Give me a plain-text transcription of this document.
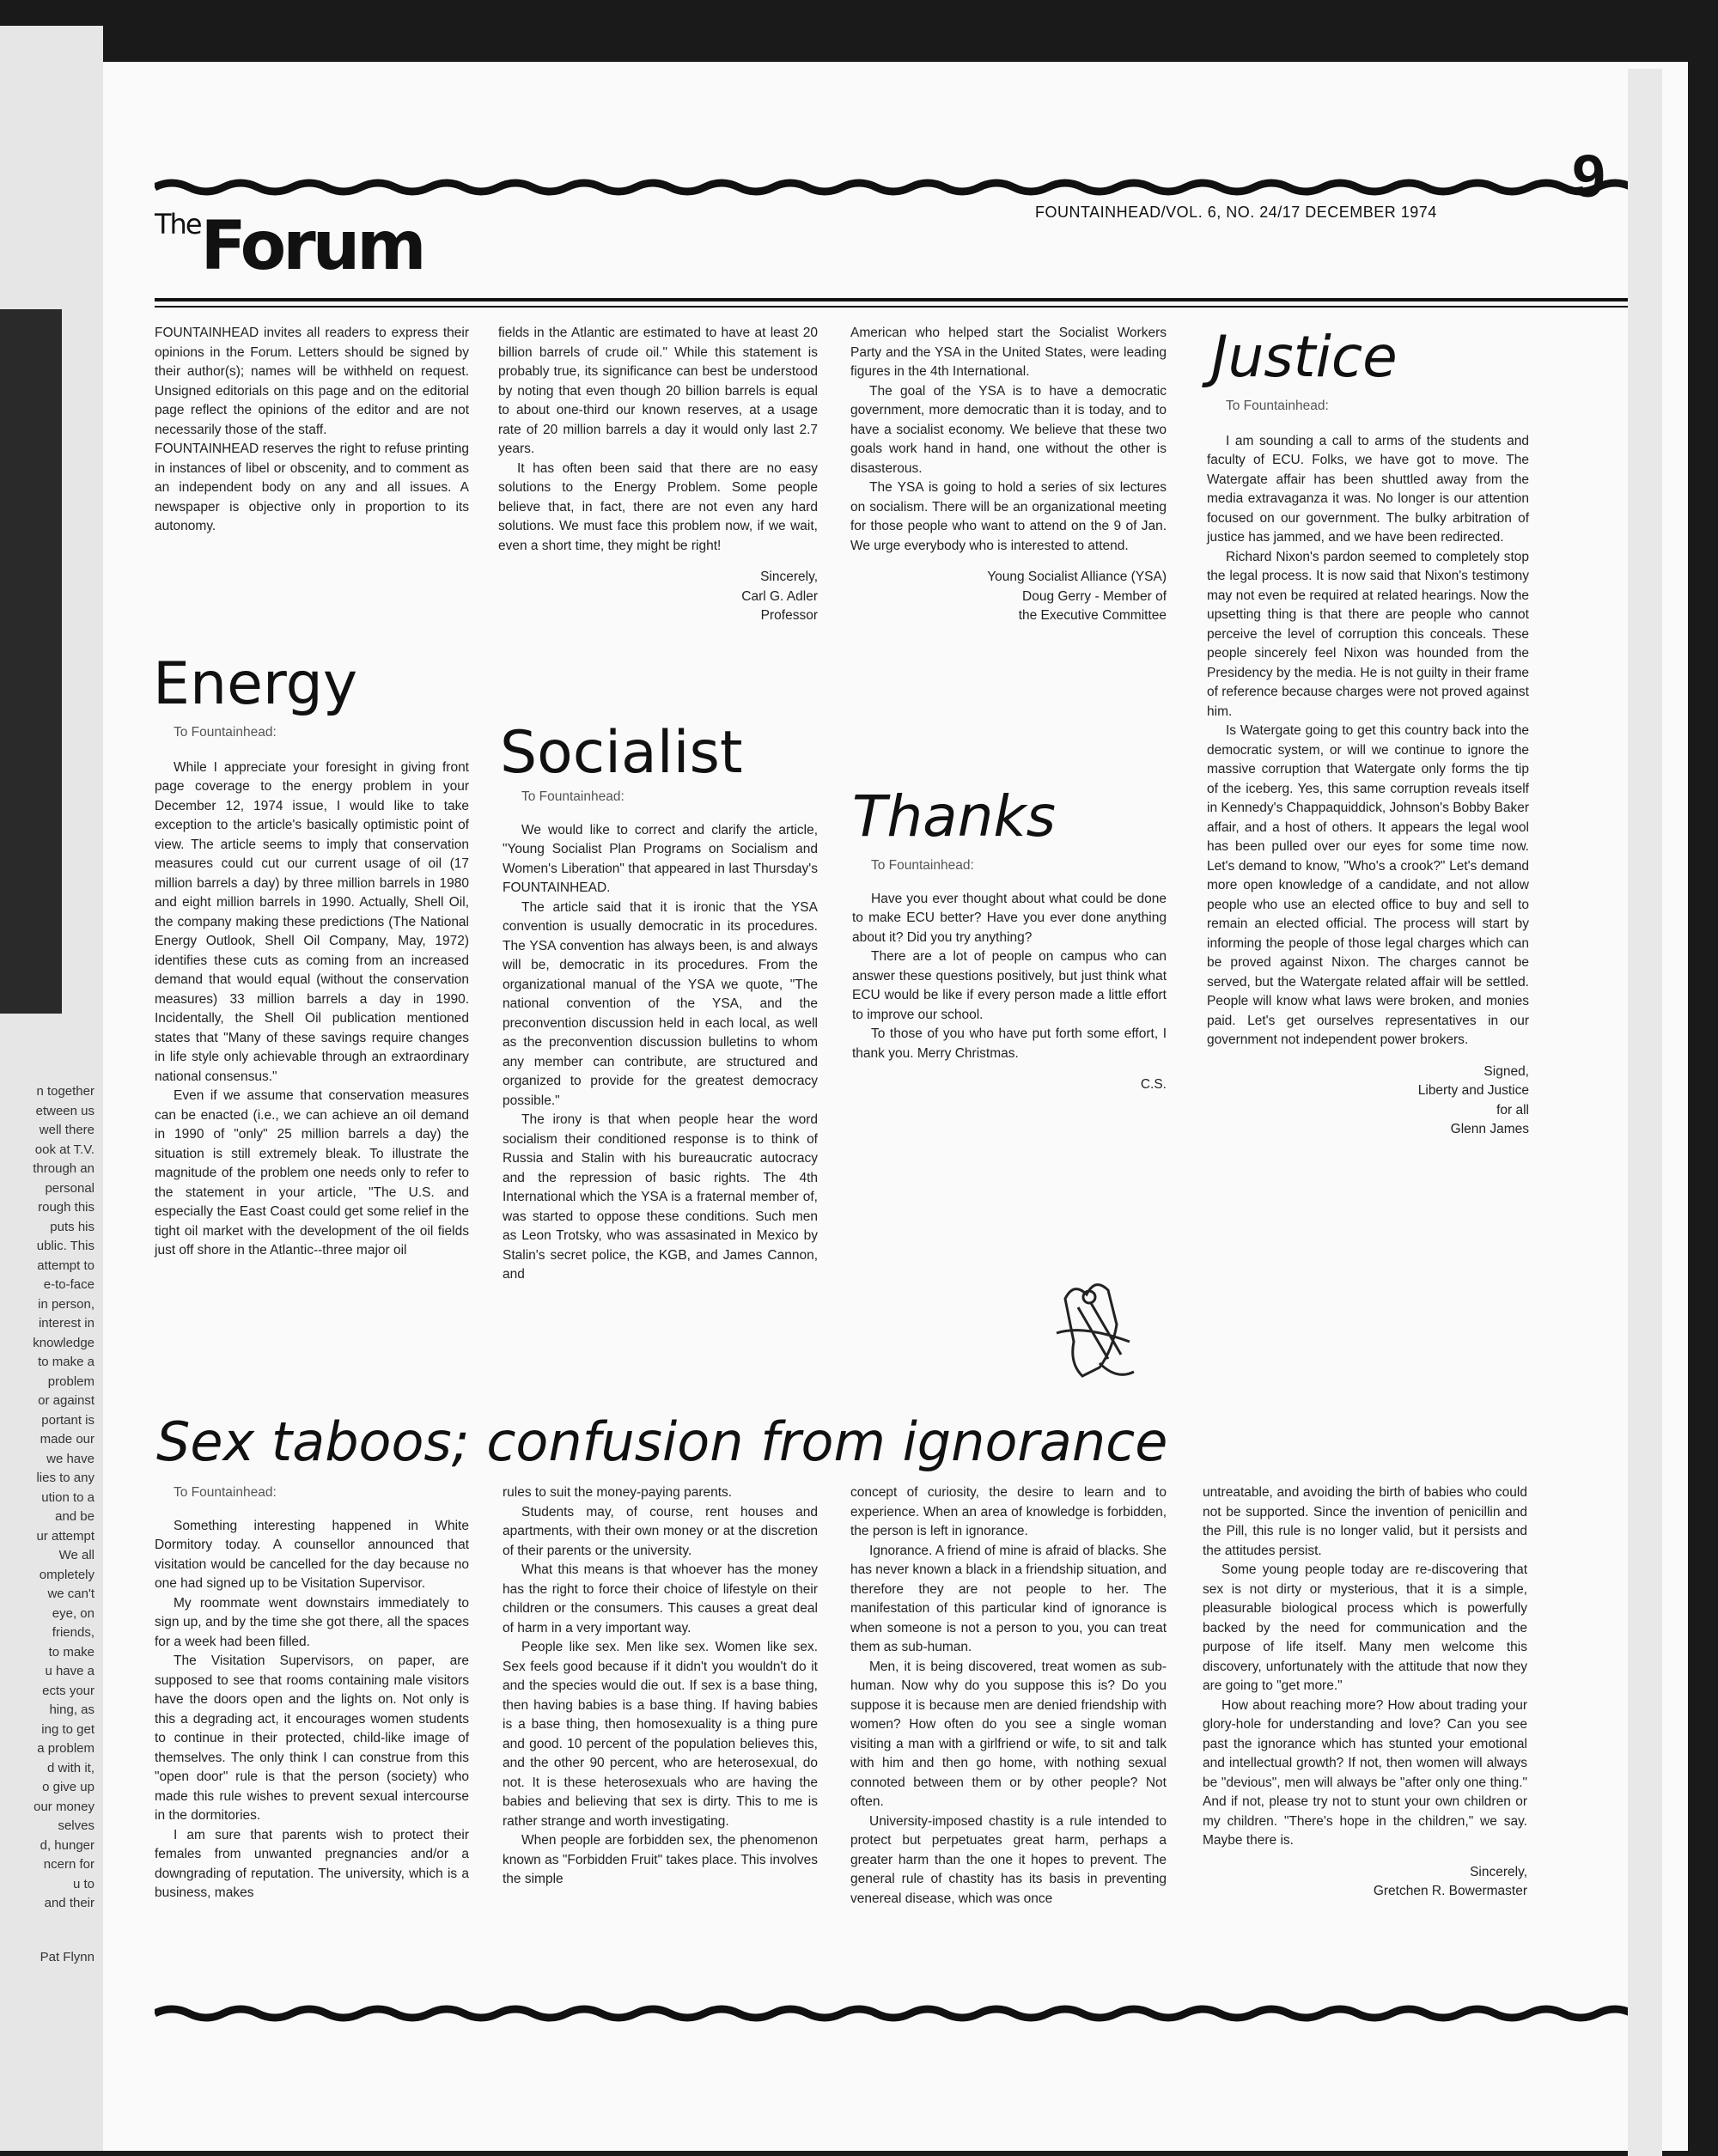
n together
etween us
well there
ook at T.V.
through an
personal
rough this
puts his
ublic. This
attempt to
e-to-face
in person,
interest in
knowledge
to make a
problem
or against
portant is
made our
we have
lies to any
ution to a
and be
ur attempt
We all
ompletely
we can't
eye, on
friends,
to make
u have a
ects your
hing, as
ing to get
a problem
d with it,
o give up
our money
selves
d, hunger
ncern for
u to
and their
Pat Flynn
FOUNTAINHEAD/VOL. 6, NO. 24/17 DECEMBER 1974
9
TheForum

FOUNTAINHEAD invites all readers to express their opinions in the Forum. Letters should be signed by their author(s); names will be withheld on request. Unsigned editorials on this page and on the editorial page reflect the opinions of the editor and are not necessarily those of the staff.

FOUNTAINHEAD reserves the right to refuse printing in instances of libel or obscenity, and to comment as an independent body on any and all issues. A newspaper is objective only in proportion to its autonomy.

Energy

To Fountainhead:

While I appreciate your foresight in giving front page coverage to the energy problem in your December 12, 1974 issue, I would like to take exception to the article's basically optimistic point of view. The article seems to imply that conservation measures could cut our current usage of oil (17 million barrels a day) by three million barrels in 1980 and eight million barrels in 1990. Actually, Shell Oil, the company making these predictions (The National Energy Outlook, Shell Oil Company, May, 1972) identifies these cuts as coming from an increased demand that would equal (without the conservation measures) 33 million barrels a day in 1990. Incidentally, the Shell Oil publication mentioned states that "Many of these savings require changes in life style only achievable through an extraordinary national consensus."

Even if we assume that conservation measures can be enacted (i.e., we can achieve an oil demand in 1990 of "only" 25 million barrels a day) the situation is still extremely bleak. To illustrate the magnitude of the problem one needs only to refer to the statement in your article, "The U.S. and especially the East Coast could get some relief in the tight oil market with the development of the oil fields just off shore in the Atlantic--three major oil

fields in the Atlantic are estimated to have at least 20 billion barrels of crude oil." While this statement is probably true, its significance can best be understood by noting that even though 20 billion barrels is equal to about one-third our known reserves, at a usage rate of 20 million barrels a day it would only last 2.7 years.

It has often been said that there are no easy solutions to the Energy Problem. Some people believe that, in fact, there are not even any hard solutions. We must face this problem now, if we wait, even a short time, they might be right!

Sincerely,
Carl G. Adler
Professor
Socialist

To Fountainhead:

We would like to correct and clarify the article, "Young Socialist Plan Programs on Socialism and Women's Liberation" that appeared in last Thursday's FOUNTAINHEAD.

The article said that it is ironic that the YSA convention is usually democratic in its procedures. The YSA convention has always been, is and always will be, democratic in its procedures. From the organizational manual of the YSA we quote, "The national convention of the YSA, and the preconvention discussion held in each local, as well as the preconvention discussion bulletins to whom any member can contribute, are structured and organized to provide for the greatest democracy possible."

The irony is that when people hear the word socialism their conditioned response is to think of Russia and Stalin with his bureaucratic autocracy and the repression of basic rights. The 4th International which the YSA is a fraternal member of, was started to oppose these conditions. Such men as Leon Trotsky, who was assasinated in Mexico by Stalin's secret police, the KGB, and James Cannon, and

American who helped start the Socialist Workers Party and the YSA in the United States, were leading figures in the 4th International.

The goal of the YSA is to have a democratic government, more democratic than it is today, and to have a socialist economy. We believe that these two goals work hand in hand, one without the other is disasterous.

The YSA is going to hold a series of six lectures on socialism. There will be an organizational meeting for those people who want to attend on the 9 of Jan. We urge everybody who is interested to attend.

Young Socialist Alliance (YSA)
Doug Gerry - Member of
the Executive Committee
Thanks

To Fountainhead:

Have you ever thought about what could be done to make ECU better? Have you ever done anything about it? Did you try anything?

There are a lot of people on campus who can answer these questions positively, but just think what ECU would be like if every person made a little effort to improve our school.

To those of you who have put forth some effort, I thank you. Merry Christmas.

C.S.
Justice

To Fountainhead:

I am sounding a call to arms of the students and faculty of ECU. Folks, we have got to move. The Watergate affair has been shuttled away from the media extravaganza it was. No longer is our attention focused on our government. The bulky arbitration of justice has jammed, and we have been redirected.

Richard Nixon's pardon seemed to completely stop the legal process. It is now said that Nixon's testimony may not even be required at related hearings. Now the upsetting thing is that there are people who cannot perceive the level of corruption this conceals. These people sincerely feel Nixon was hounded from the Presidency by the media. He is not guilty in their frame of reference because charges were not proved against him.

Is Watergate going to get this country back into the democratic system, or will we continue to ignore the massive corruption that Watergate only forms the tip of the iceberg. Yes, this same corruption reveals itself in Kennedy's Chappaquiddick, Johnson's Bobby Baker affair, and a host of others. It appears the legal wool has been pulled over our eyes for some time now. Let's demand to know, "Who's a crook?" Let's demand more open knowledge of a candidate, and not allow people who use an elected office to buy and sell to remain an elected official. The process will start by informing the people of those legal charges which can be proved against Nixon. The charges cannot be served, but the Watergate related affair will be settled. People will know what laws were broken, and monies paid. Let's get ourselves representatives in our government not independent power brokers.

Signed,
Liberty and Justice
for all
Glenn James
Sex taboos; confusion from ignorance

To Fountainhead:

Something interesting happened in White Dormitory today. A counsellor announced that visitation would be cancelled for the day because no one had signed up to be Visitation Supervisor.

My roommate went downstairs immediately to sign up, and by the time she got there, all the spaces for a week had been filled.

The Visitation Supervisors, on paper, are supposed to see that rooms containing male visitors have the doors open and the lights on. Not only is this a degrading act, it encourages women students to continue in their protected, child-like image of themselves. The only think I can construe from this "open door" rule is that the person (society) who made this rule wishes to prevent sexual intercourse in the dormitories.

I am sure that parents wish to protect their females from unwanted pregnancies and/or a downgrading of reputation. The university, which is a business, makes

rules to suit the money-paying parents.

Students may, of course, rent houses and apartments, with their own money or at the discretion of their parents or the university.

What this means is that whoever has the money has the right to force their choice of lifestyle on their children or the consumers. This causes a great deal of harm in a very important way.

People like sex. Men like sex. Women like sex. Sex feels good because if it didn't you wouldn't do it and the species would die out. If sex is a base thing, then having babies is a base thing. If having babies is a base thing, then homosexuality is a thing pure and good. 10 percent of the population believes this, and the other 90 percent, who are heterosexual, do not. It is these heterosexuals who are having the babies and believing that sex is dirty. This to me is rather strange and worth investigating.

When people are forbidden sex, the phenomenon known as "Forbidden Fruit" takes place. This involves the simple

concept of curiosity, the desire to learn and to experience. When an area of knowledge is forbidden, the person is left in ignorance.

Ignorance. A friend of mine is afraid of blacks. She has never known a black in a friendship situation, and therefore they are not people to her. The manifestation of this particular kind of ignorance is when someone is not a person to you, you can treat them as sub-human.

Men, it is being discovered, treat women as sub-human. Now why do you suppose this is? Do you suppose it is because men are denied friendship with women? How often do you see a single woman visiting a man with a girlfriend or wife, to sit and talk with him and then go home, with nothing sexual connoted between them or by other people? Not often.

University-imposed chastity is a rule intended to protect but perpetuates great harm, perhaps a greater harm than the one it hopes to prevent. The general rule of chastity has its basis in preventing venereal disease, which was once

untreatable, and avoiding the birth of babies who could not be supported. Since the invention of penicillin and the Pill, this rule is no longer valid, but it persists and the attitudes persist.

Some young people today are re-discovering that sex is not dirty or mysterious, that it is a simple, pleasurable biological process which is powerfully backed by the need for communication and the purpose of life itself. Many men welcome this discovery, unfortunately with the attitude that now they are going to "get more."

How about reaching more? How about trading your glory-hole for understanding and love? Can you see past the ignorance which has stunted your emotional and intellectual growth? If not, then women will always be "devious", men will always be "after only one thing." And if not, please try not to stunt your own children or my children. "There's hope in the children," we say. Maybe there is.

Sincerely,
Gretchen R. Bowermaster
